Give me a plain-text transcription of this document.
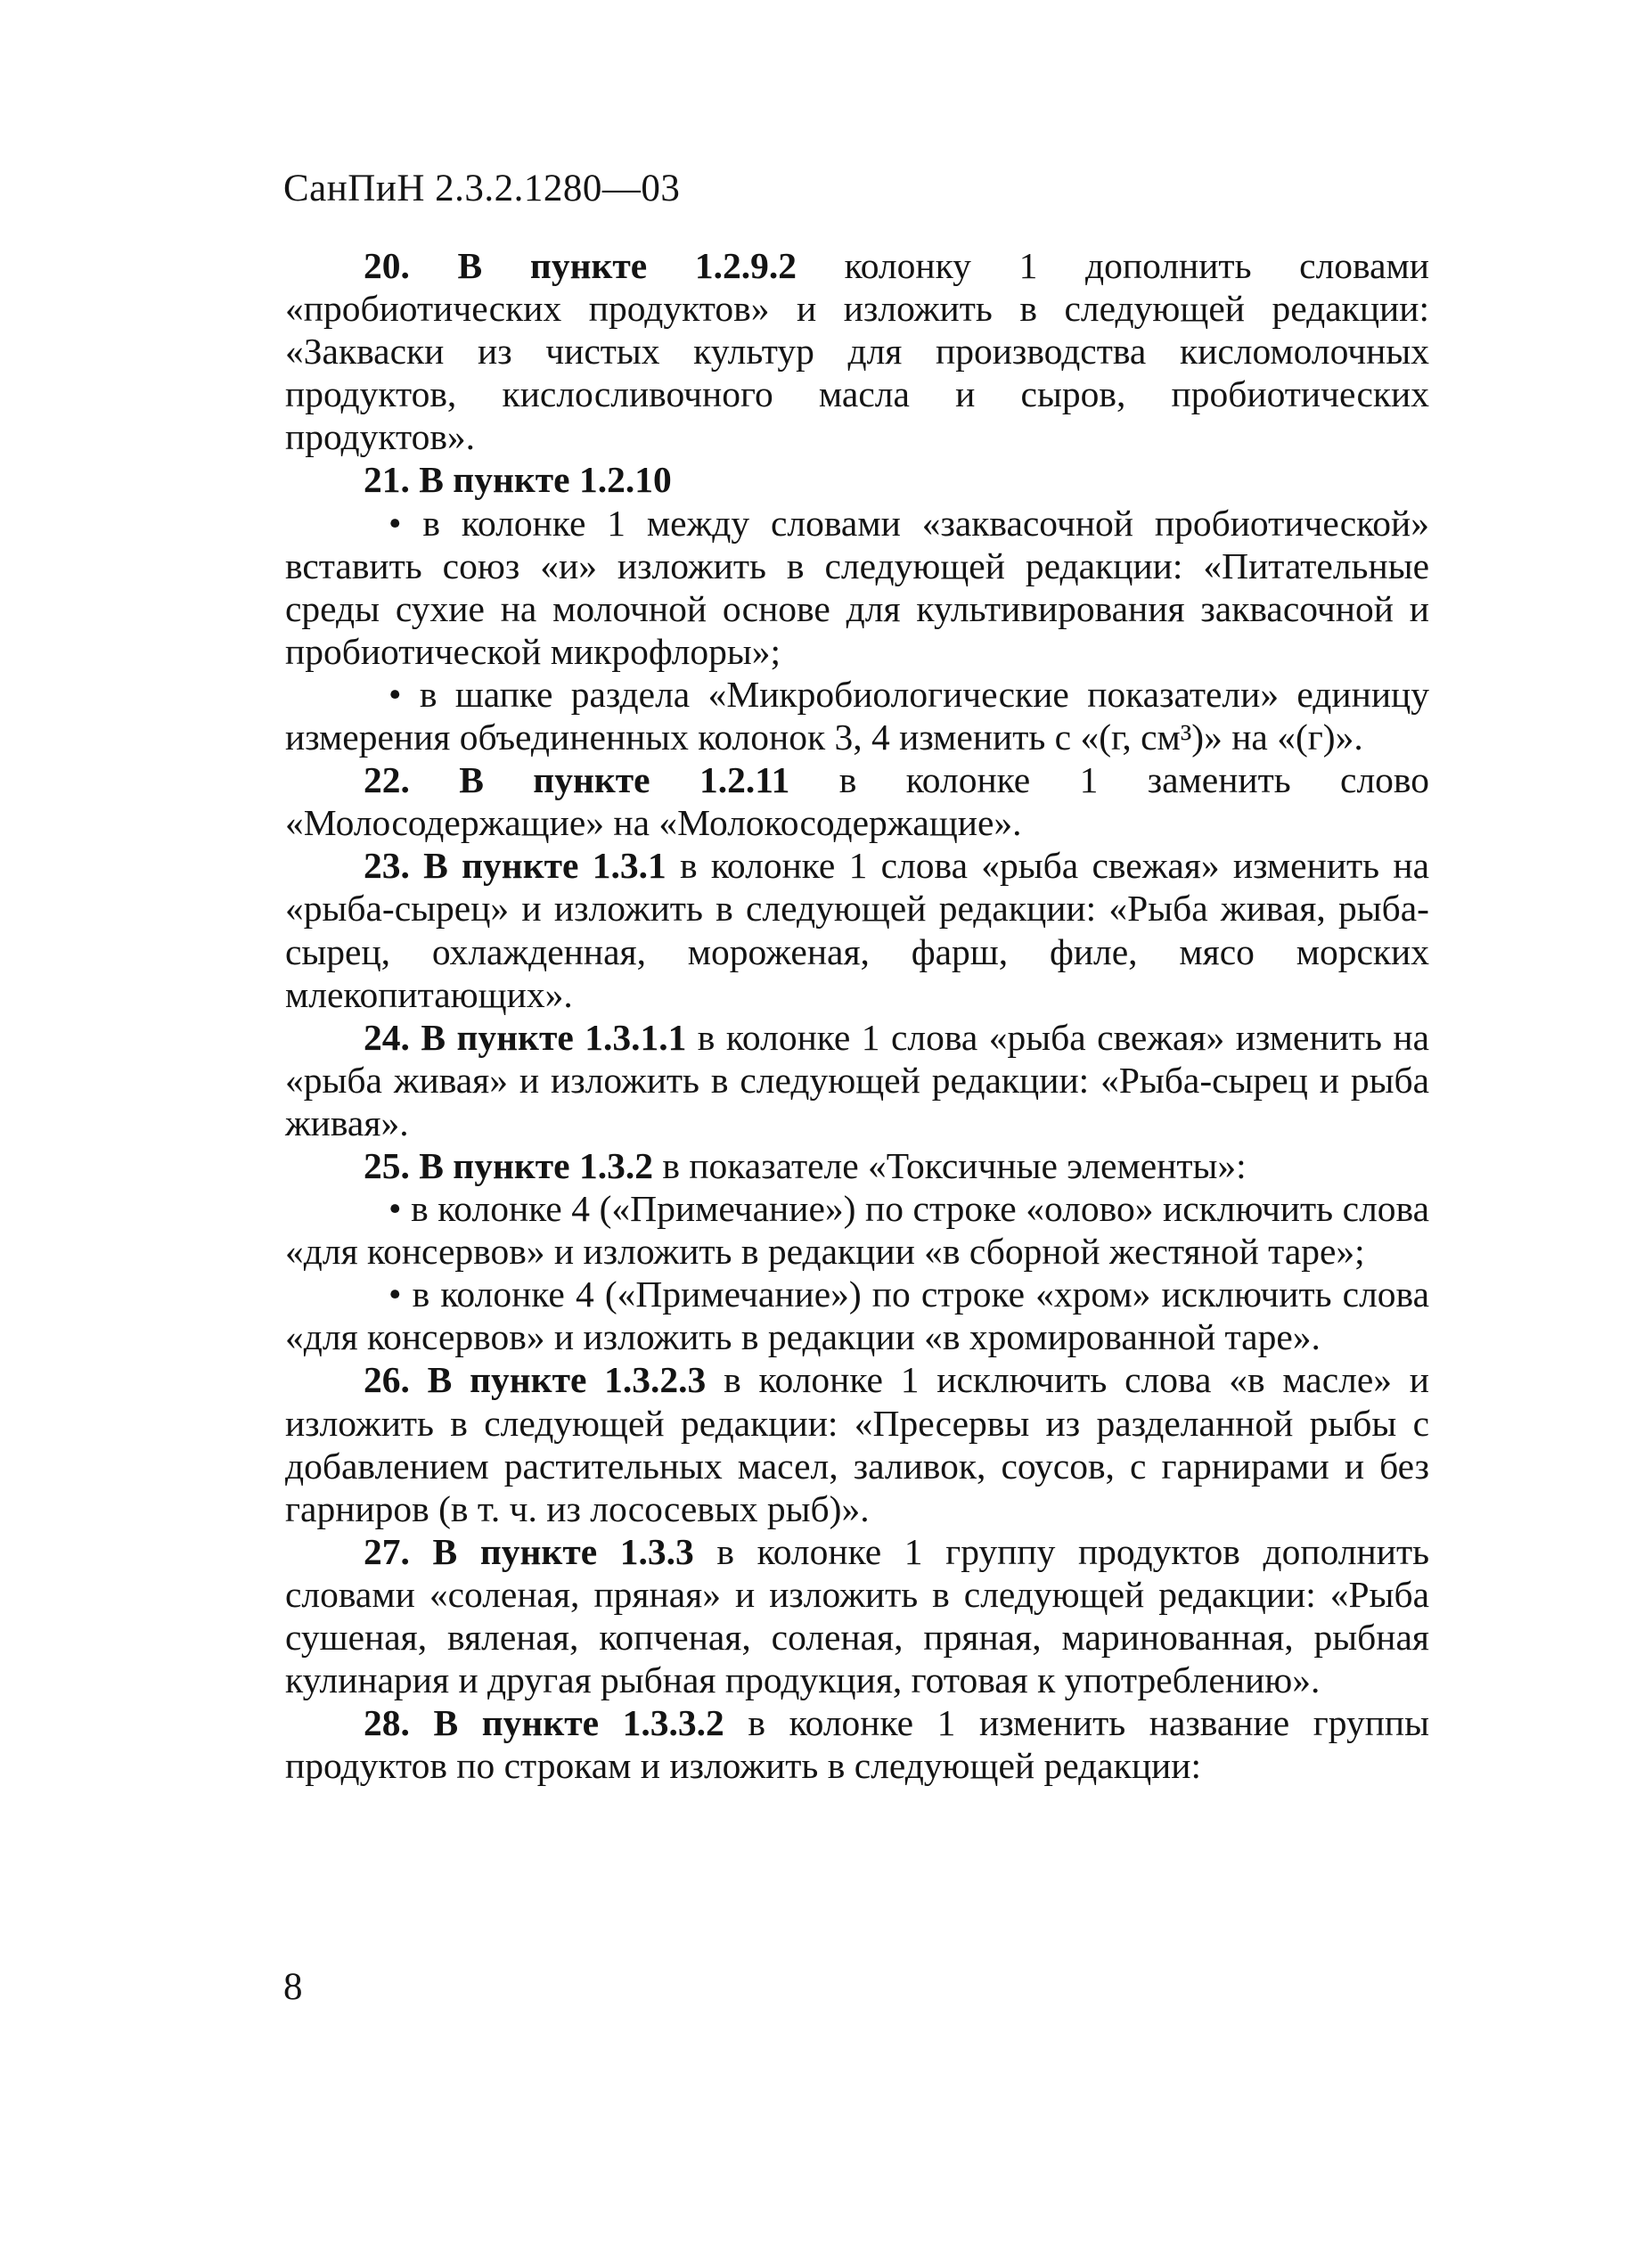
СанПиН 2.3.2.1280—03

20. В пункте 1.2.9.2 колонку 1 дополнить словами «пробиотических продуктов» и изложить в следующей редакции: «Закваски из чистых культур для производства кисломолочных продуктов, кислосливочного масла и сыров, пробиотических продуктов».

21. В пункте 1.2.10

• в колонке 1 между словами «заквасочной пробиотической» вставить союз «и» изложить в следующей редакции: «Питательные среды сухие на молочной основе для культивирования заквасочной и пробиотической микрофлоры»;

• в шапке раздела «Микробиологические показатели» единицу измерения объединенных колонок 3, 4 изменить с «(г, см³)» на «(г)».

22. В пункте 1.2.11 в колонке 1 заменить слово «Молосодержащие» на «Молокосодержащие».

23. В пункте 1.3.1 в колонке 1 слова «рыба свежая» изменить на «рыба-сырец» и изложить в следующей редакции: «Рыба живая, рыба-сырец, охлажденная, мороженая, фарш, филе, мясо морских млекопитающих».

24. В пункте 1.3.1.1 в колонке 1 слова «рыба свежая» изменить на «рыба живая» и изложить в следующей редакции: «Рыба-сырец и рыба живая».

25. В пункте 1.3.2 в показателе «Токсичные элементы»:

• в колонке 4 («Примечание») по строке «олово» исключить слова «для консервов» и изложить в редакции «в сборной жестяной таре»;

• в колонке 4 («Примечание») по строке «хром» исключить слова «для консервов» и изложить в редакции «в хромированной таре».

26. В пункте 1.3.2.3 в колонке 1 исключить слова «в масле» и изложить в следующей редакции: «Пресервы из разделанной рыбы с добавлением растительных масел, заливок, соусов, с гарнирами и без гарниров (в т. ч. из лососевых рыб)».

27. В пункте 1.3.3 в колонке 1 группу продуктов дополнить словами «соленая, пряная» и изложить в следующей редакции: «Рыба сушеная, вяленая, копченая, соленая, пряная, маринованная, рыбная кулинария и другая рыбная продукция, готовая к употреблению».

28. В пункте 1.3.3.2 в колонке 1 изменить название группы продуктов по строкам и изложить в следующей редакции:

8
